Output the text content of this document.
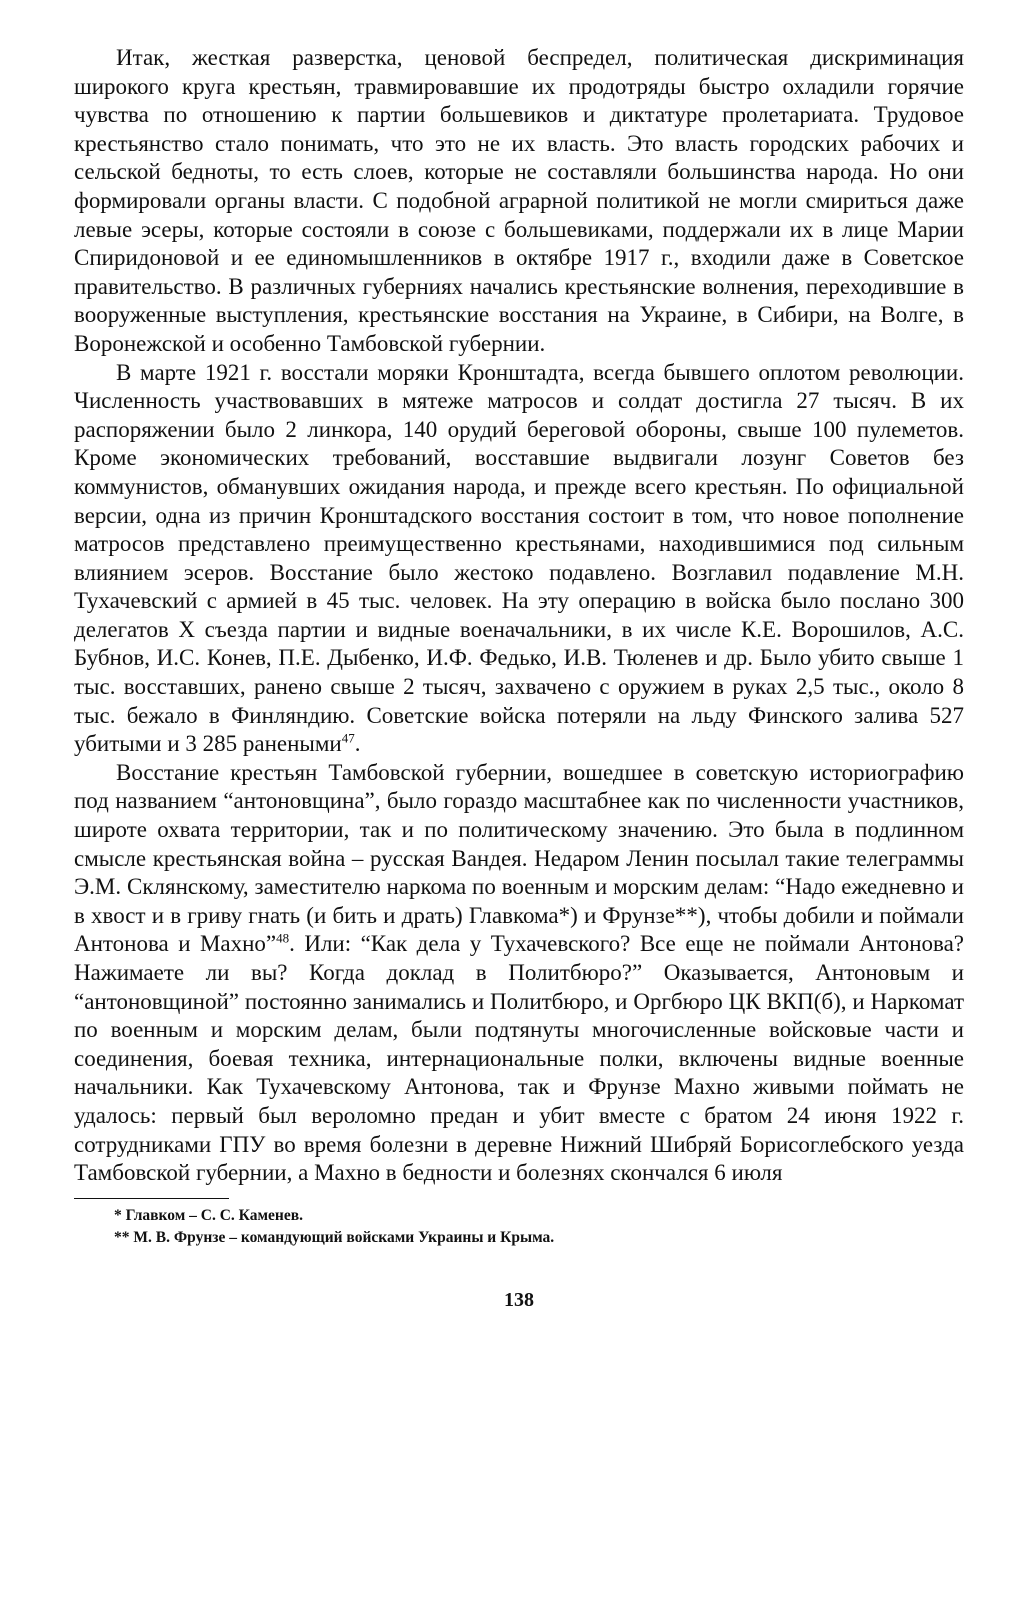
Итак, жесткая разверстка, ценовой беспредел, политическая дискриминация широкого круга крестьян, травмировавшие их продотряды быстро охладили горячие чувства по отношению к партии большевиков и диктатуре пролетариата. Трудовое крестьянство стало понимать, что это не их власть. Это власть городских рабочих и сельской бедноты, то есть слоев, которые не составляли большинства народа. Но они формировали органы власти. С подобной аграрной политикой не могли смириться даже левые эсеры, которые состояли в союзе с большевиками, поддержали их в лице Марии Спиридоновой и ее единомышленников в октябре 1917 г., входили даже в Советское правительство. В различных губерниях начались крестьянские волнения, переходившие в вооруженные выступления, крестьянские восстания на Украине, в Сибири, на Волге, в Воронежской и особенно Тамбовской губернии.

В марте 1921 г. восстали моряки Кронштадта, всегда бывшего оплотом революции. Численность участвовавших в мятеже матросов и солдат достигла 27 тысяч. В их распоряжении было 2 линкора, 140 орудий береговой обороны, свыше 100 пулеметов. Кроме экономических требований, восставшие выдвигали лозунг Советов без коммунистов, обманувших ожидания народа, и прежде всего крестьян. По официальной версии, одна из причин Кронштадского восстания состоит в том, что новое пополнение матросов представлено преимущественно крестьянами, находившимися под сильным влиянием эсеров. Восстание было жестоко подавлено. Возглавил подавление М.Н. Тухачевский с армией в 45 тыс. человек. На эту операцию в войска было послано 300 делегатов X съезда партии и видные военачальники, в их числе К.Е. Ворошилов, А.С. Бубнов, И.С. Конев, П.Е. Дыбенко, И.Ф. Федько, И.В. Тюленев и др. Было убито свыше 1 тыс. восставших, ранено свыше 2 тысяч, захвачено с оружием в руках 2,5 тыс., около 8 тыс. бежало в Финляндию. Советские войска потеряли на льду Финского залива 527 убитыми и 3 285 ранеными$^{47}$.

Восстание крестьян Тамбовской губернии, вошедшее в советскую историографию под названием “антоновщина”, было гораздо масштабнее как по численности участников, широте охвата территории, так и по политическому значению. Это была в подлинном смысле крестьянская война – русская Вандея. Недаром Ленин посылал такие телеграммы Э.М. Склянскому, заместителю наркома по военным и морским делам: “Надо ежедневно и в хвост и в гриву гнать (и бить и драть) Главкома*) и Фрунзе**), чтобы добили и поймали Антонова и Махно”$^{48}$. Или: “Как дела у Тухачевского? Все еще не поймали Антонова? Нажимаете ли вы? Когда доклад в Политбюро?” Оказывается, Антоновым и “антоновщиной” постоянно занимались и Политбюро, и Оргбюро ЦК ВКП(б), и Наркомат по военным и морским делам, были подтянуты многочисленные войсковые части и соединения, боевая техника, интернациональные полки, включены видные военные начальники. Как Тухачевскому Антонова, так и Фрунзе Махно живыми поймать не удалось: первый был вероломно предан и убит вместе с братом 24 июня 1922 г. сотрудниками ГПУ во время болезни в деревне Нижний Шибряй Борисоглебского уезда Тамбовской губернии, а Махно в бедности и болезнях скончался 6 июля

* Главком – С. С. Каменев.

** М. В. Фрунзе – командующий войсками Украины и Крыма.

138
